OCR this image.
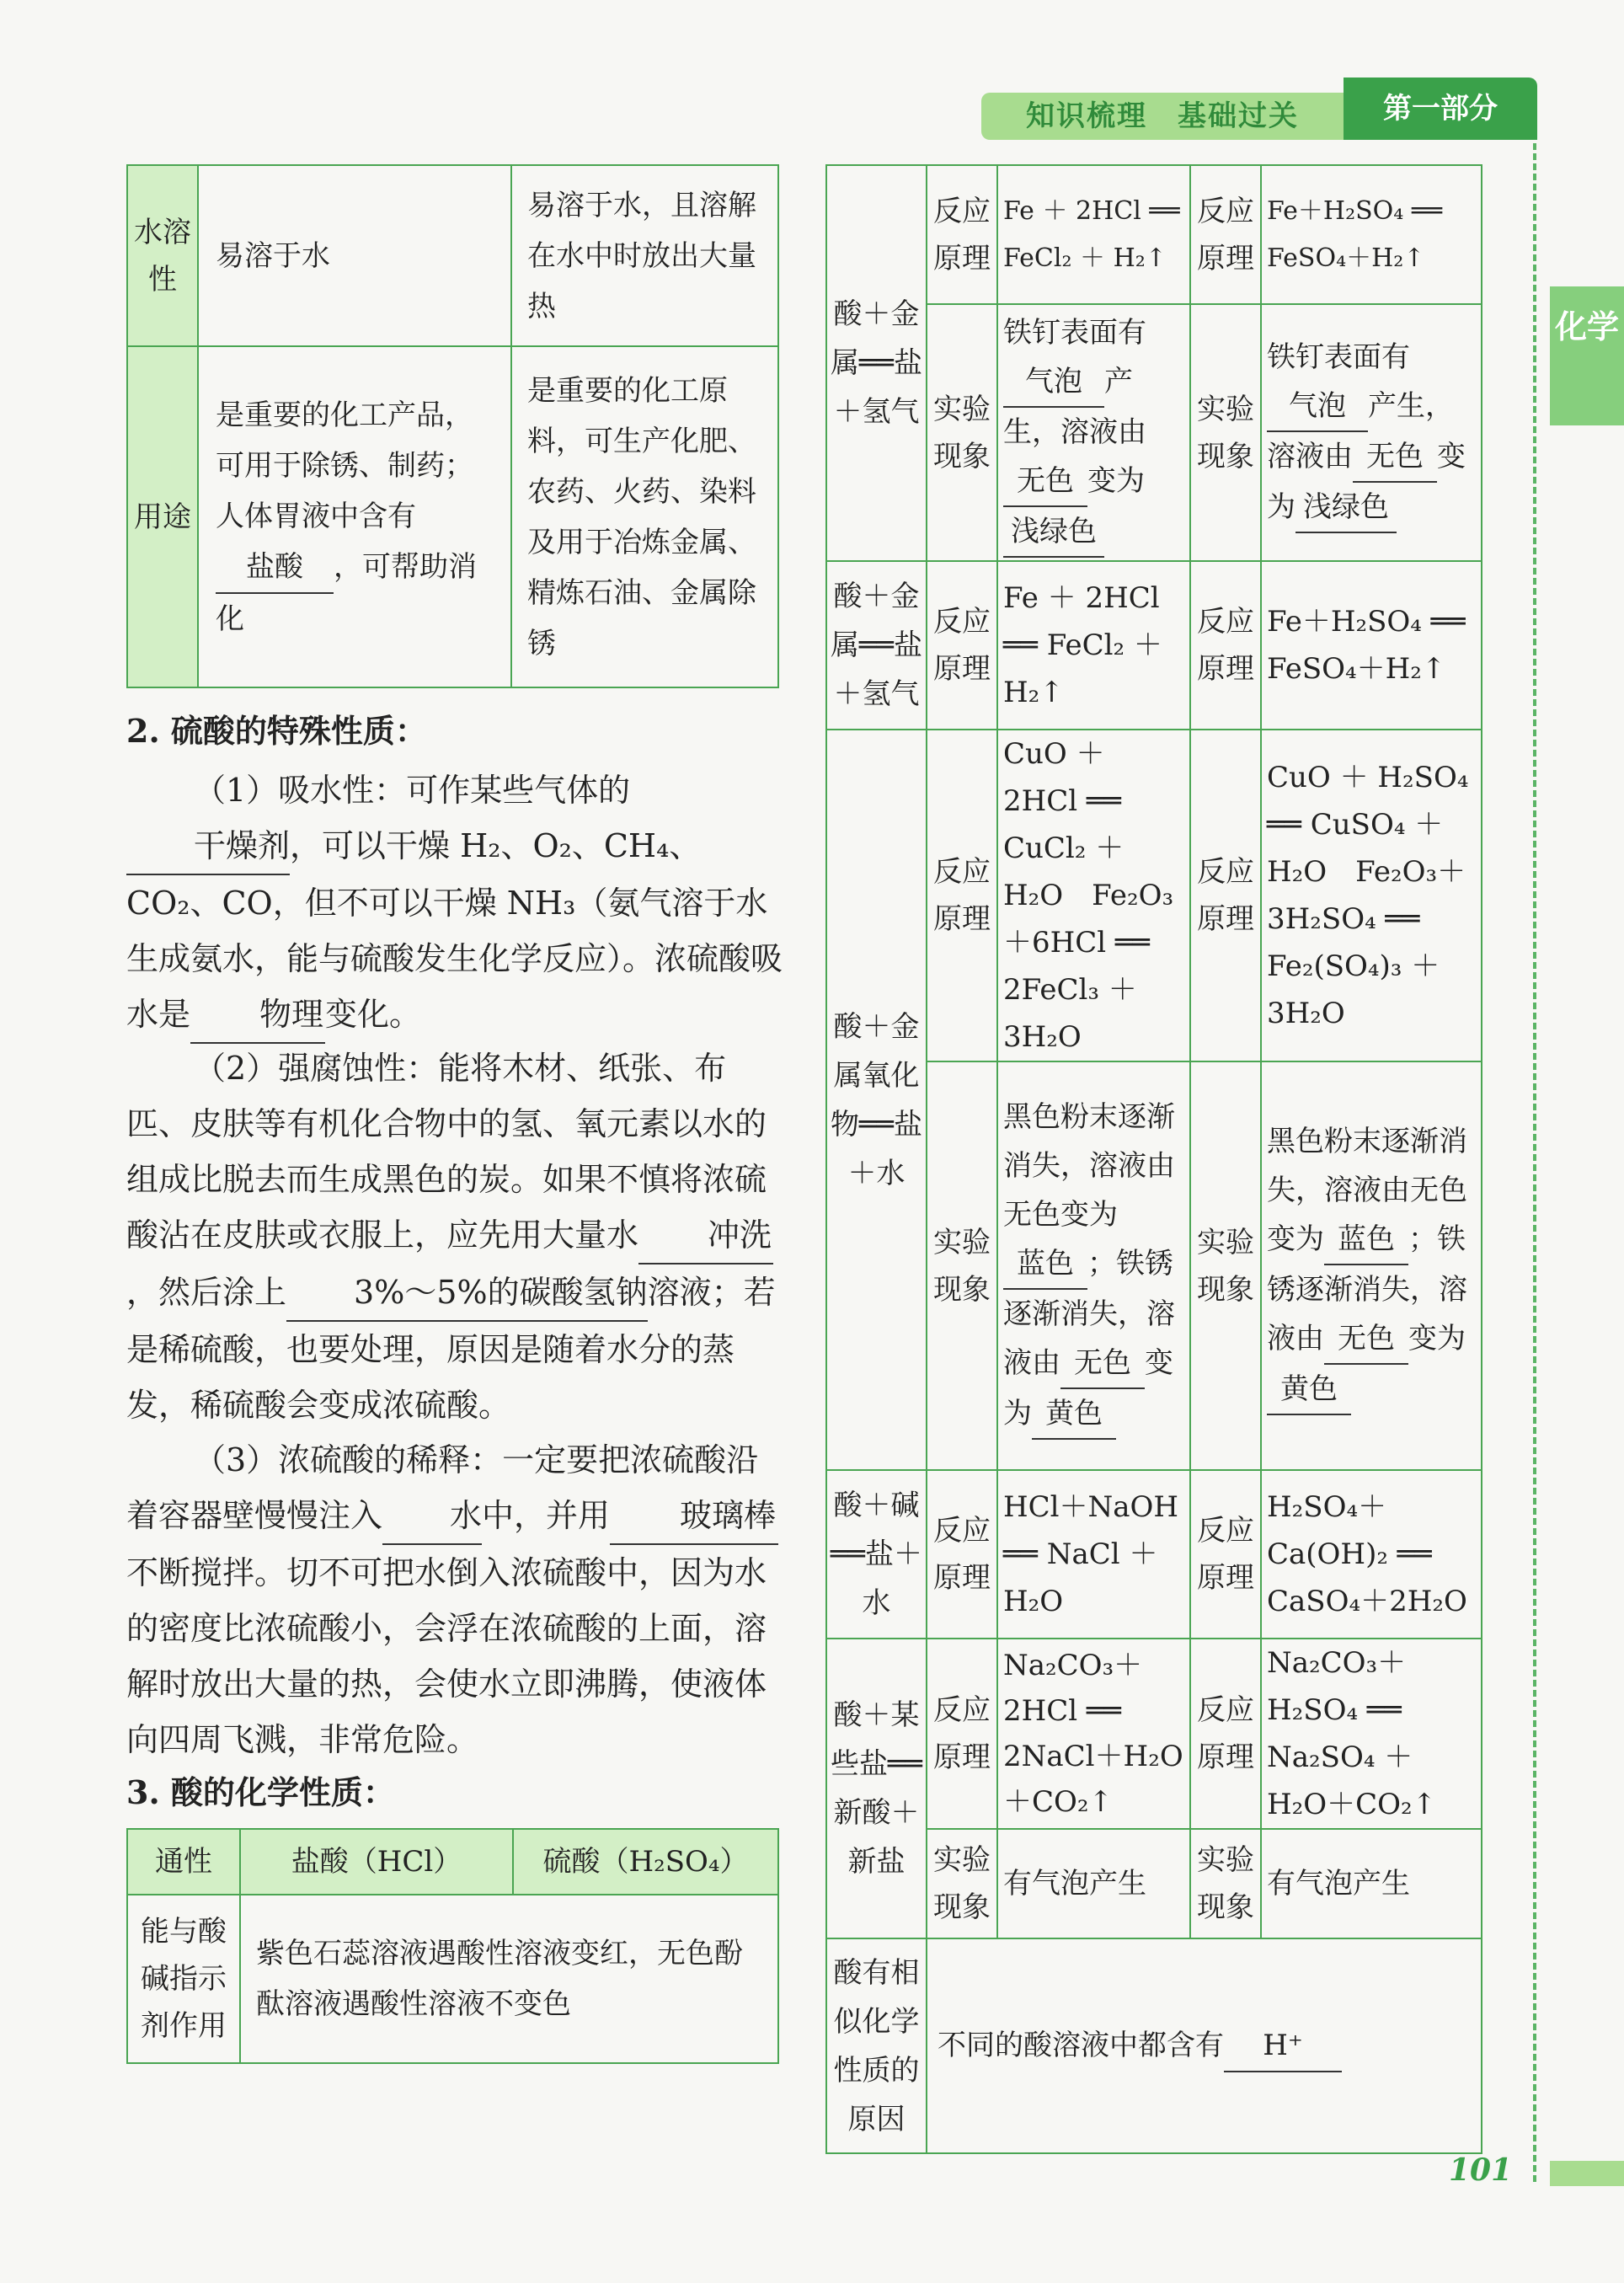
知识梳理　基础过关	第一部分
化学
水溶性	易溶于水	易溶于水，且溶解在水中时放出大量热
用途	是重要的化工产品，可用于除锈、制药；人体胃液中含有盐酸 ，可帮助消化	是重要的化工原料，可生产化肥、农药、火药、染料及用于冶炼金属、精炼石油、金属除锈

2. 硫酸的特殊性质：

（1）吸水性：可作某些气体的干燥剂，可以干燥 H₂、O₂、CH₄、CO₂、CO，但不可以干燥 NH₃（氨气溶于水生成氨水，能与硫酸发生化学反应）。浓硫酸吸水是 物理变化。

（2）强腐蚀性：能将木材、纸张、布匹、皮肤等有机化合物中的氢、氧元素以水的组成比脱去而生成黑色的炭。如果不慎将浓硫酸沾在皮肤或衣服上，应先用大量水 冲洗，然后涂上 3%～5%的碳酸氢钠溶液；若是稀硫酸，也要处理，原因是随着水分的蒸发，稀硫酸会变成浓硫酸。

（3）浓硫酸的稀释：一定要把浓硫酸沿着容器壁慢慢注入 水中，并用 玻璃棒不断搅拌。切不可把水倒入浓硫酸中，因为水的密度比浓硫酸小，会浮在浓硫酸的上面，溶解时放出大量的热，会使水立即沸腾，使液体向四周飞溅，非常危险。

3. 酸的化学性质：

通性	盐酸（HCl）	硫酸（H₂SO₄）
能与酸碱指示剂作用	紫色石蕊溶液遇酸性溶液变红，无色酚酞溶液遇酸性溶液不变色	
酸＋金属══盐＋氢气	反应原理	Fe ＋ 2HCl ══ FeCl₂ ＋ H₂↑	反应原理	Fe＋H₂SO₄ ══ FeSO₄＋H₂↑
	实验现象	铁钉表面有气泡 产生，溶液由无色 变为浅绿色	实验现象	铁钉表面有气泡 产生，溶液由 无色 变为 浅绿色
酸＋金属══盐＋氢气	反应原理	Fe ＋ 2HCl ══ FeCl₂ ＋ H₂↑	反应原理	Fe＋H₂SO₄ ══ FeSO₄＋H₂↑
酸＋金属氧化物══盐＋水	反应原理	CuO ＋ 2HCl ══ CuCl₂ ＋ H₂O　Fe₂O₃＋6HCl ══ 2FeCl₃ ＋ 3H₂O	反应原理	CuO ＋ H₂SO₄ ══ CuSO₄ ＋ H₂O　Fe₂O₃＋3H₂SO₄ ══ Fe₂(SO₄)₃ ＋3H₂O
	实验现象	黑色粉末逐渐消失，溶液由无色变为蓝色 ；铁锈逐渐消失，溶液由 无色 变为 黄色	实验现象	黑色粉末逐渐消失，溶液由无色变为 蓝色 ；铁锈逐渐消失，溶液由 无色 变为黄色
酸＋碱══盐＋水	反应原理	HCl＋NaOH ══ NaCl ＋ H₂O	反应原理	H₂SO₄＋Ca(OH)₂ ══ CaSO₄＋2H₂O
酸＋某些盐══新酸＋新盐	反应原理	Na₂CO₃＋2HCl ══ 2NaCl＋H₂O ＋CO₂↑	反应原理	Na₂CO₃＋H₂SO₄ ══ Na₂SO₄ ＋ H₂O＋CO₂↑
	实验现象	有气泡产生	实验现象	有气泡产生
酸有相似化学性质的原因	不同的酸溶液中都含有 H⁺			
101
